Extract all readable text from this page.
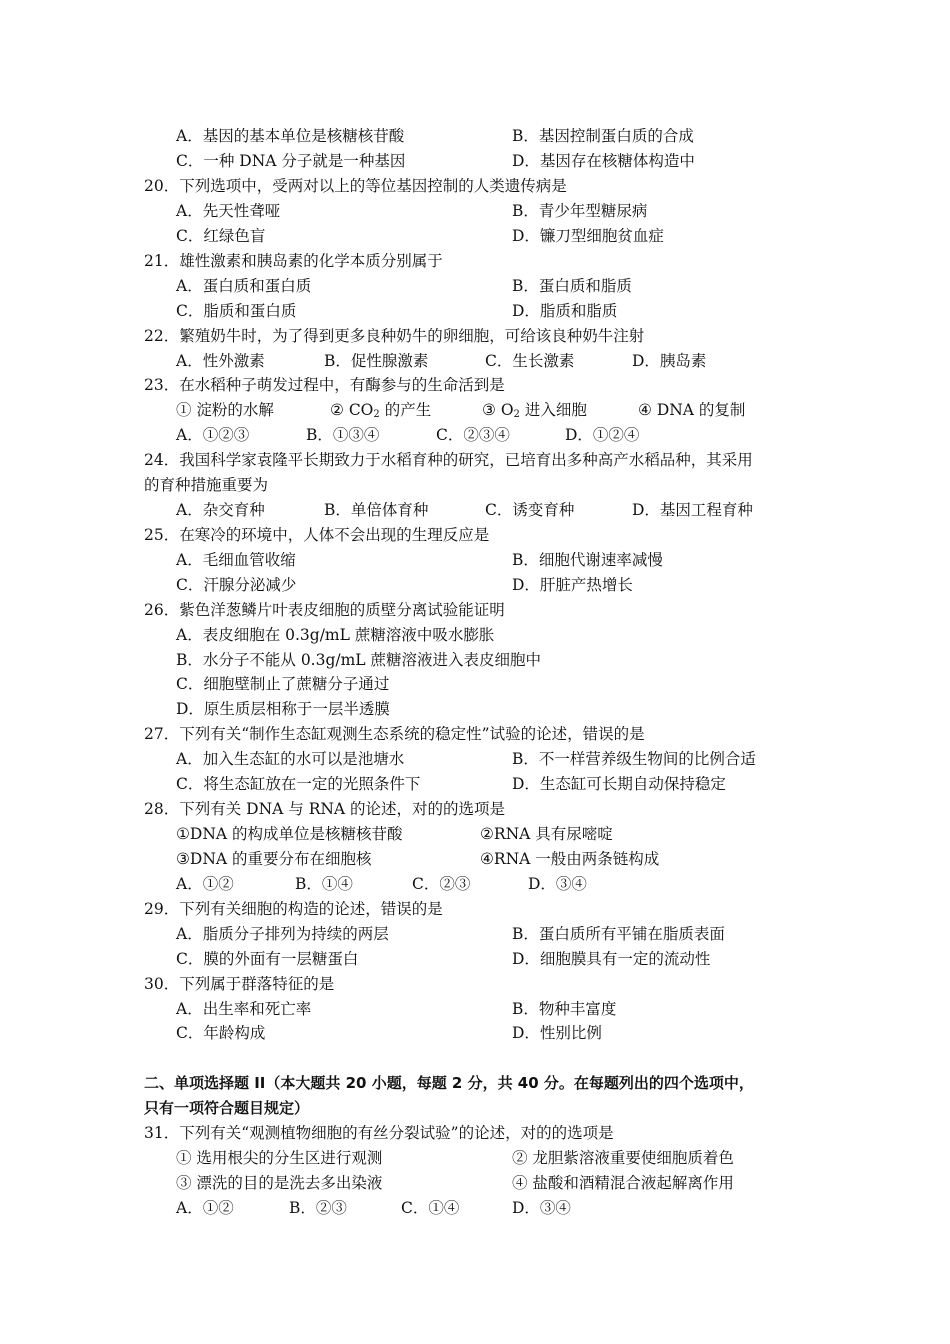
A．基因的基本单位是核糖核苷酸	B．基因控制蛋白质的合成
C．一种 DNA 分子就是一种基因	D．基因存在核糖体构造中
20．下列选项中，受两对以上的等位基因控制的人类遗传病是
A．先天性聋哑	B．青少年型糖尿病
C．红绿色盲	D．镰刀型细胞贫血症
21．雄性激素和胰岛素的化学本质分别属于
A．蛋白质和蛋白质	B．蛋白质和脂质
C．脂质和蛋白质	D．脂质和脂质
22．繁殖奶牛时，为了得到更多良种奶牛的卵细胞，可给该良种奶牛注射
A．性外激素	B．促性腺激素	C．生长激素	D．胰岛素
23．在水稻种子萌发过程中，有酶参与的生命活到是
① 淀粉的水解	② $CO_2$ 的产生	③ $O_2$ 进入细胞	④ DNA 的复制
A．①②③	B．①③④	C．②③④	D．①②④
24．我国科学家袁隆平长期致力于水稻育种的研究，已培育出多种高产水稻品种，其采用
的育种措施重要为
A．杂交育种	B．单倍体育种	C．诱变育种	D．基因工程育种
25．在寒冷的环境中，人体不会出现的生理反应是
A．毛细血管收缩	B．细胞代谢速率减慢
C．汗腺分泌减少	D．肝脏产热增长
26．紫色洋葱鳞片叶表皮细胞的质壁分离试验能证明
A．表皮细胞在 0.3g/mL 蔗糖溶液中吸水膨胀
B．水分子不能从 0.3g/mL 蔗糖溶液进入表皮细胞中
C．细胞壁制止了蔗糖分子通过
D．原生质层相称于一层半透膜
27．下列有关“制作生态缸观测生态系统的稳定性”试验的论述，错误的是
A．加入生态缸的水可以是池塘水	B．不一样营养级生物间的比例合适
C．将生态缸放在一定的光照条件下	D．生态缸可长期自动保持稳定
28．下列有关 DNA 与 RNA 的论述，对的的选项是
①DNA 的构成单位是核糖核苷酸	②RNA 具有尿嘧啶
③DNA 的重要分布在细胞核	④RNA 一般由两条链构成
A．①②	B．①④	C．②③	D．③④
29．下列有关细胞的构造的论述，错误的是
A．脂质分子排列为持续的两层	B．蛋白质所有平铺在脂质表面
C．膜的外面有一层糖蛋白	D．细胞膜具有一定的流动性
30．下列属于群落特征的是
A．出生率和死亡率	B．物种丰富度
C．年龄构成	D．性别比例
二、单项选择题 II（本大题共 20 小题，每题 2 分，共 40 分。在每题列出的四个选项中，
只有一项符合题目规定）
31．下列有关“观测植物细胞的有丝分裂试验”的论述，对的的选项是
① 选用根尖的分生区进行观测	② 龙胆紫溶液重要使细胞质着色
③ 漂洗的目的是洗去多出染液	④ 盐酸和酒精混合液起解离作用
A．①②	B．②③	C．①④	D．③④
